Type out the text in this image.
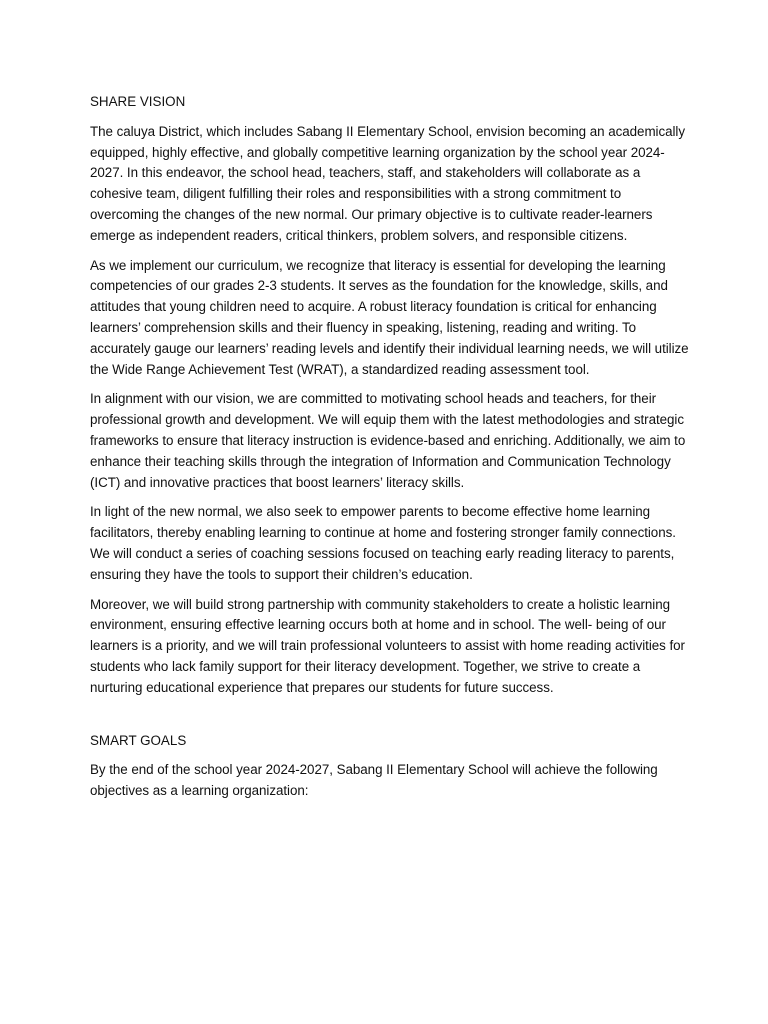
SHARE VISION

The caluya District, which includes Sabang II Elementary School, envision becoming an academically equipped, highly effective, and globally competitive learning organization by the school year 2024-2027. In this endeavor, the school head, teachers, staff, and stakeholders will collaborate as a cohesive team, diligent fulfilling their roles and responsibilities with a strong commitment to overcoming the changes of the new normal. Our primary objective is to cultivate reader-learners emerge as independent readers, critical thinkers, problem solvers, and responsible citizens.

As we implement our curriculum, we recognize that literacy is essential for developing the learning competencies of our grades 2-3 students. It serves as the foundation for the knowledge, skills, and attitudes that young children need to acquire. A robust literacy foundation is critical for enhancing learners’ comprehension skills and their fluency in speaking, listening, reading and writing. To accurately gauge our learners’ reading levels and identify their individual learning needs, we will utilize the Wide Range Achievement Test (WRAT), a standardized reading assessment tool.

In alignment with our vision, we are committed to motivating school heads and teachers, for their professional growth and development. We will equip them with the latest methodologies and strategic frameworks to ensure that literacy instruction is evidence-based and enriching. Additionally, we aim to enhance their teaching skills through the integration of Information and Communication Technology (ICT) and innovative practices that boost learners’ literacy skills.

In light of the new normal, we also seek to empower parents to become effective home learning facilitators, thereby enabling learning to continue at home and fostering stronger family connections. We will conduct a series of coaching sessions focused on teaching early reading literacy to parents, ensuring they have the tools to support their children’s education.

Moreover, we will build strong partnership with community stakeholders to create a holistic learning environment, ensuring effective learning occurs both at home and in school. The well- being of our learners is a priority, and we will train professional volunteers to assist with home reading activities for students who lack family support for their literacy development. Together, we strive to create a nurturing educational experience that prepares our students for future success.

SMART GOALS

By the end of the school year 2024-2027, Sabang II Elementary School will achieve the following objectives as a learning organization:
